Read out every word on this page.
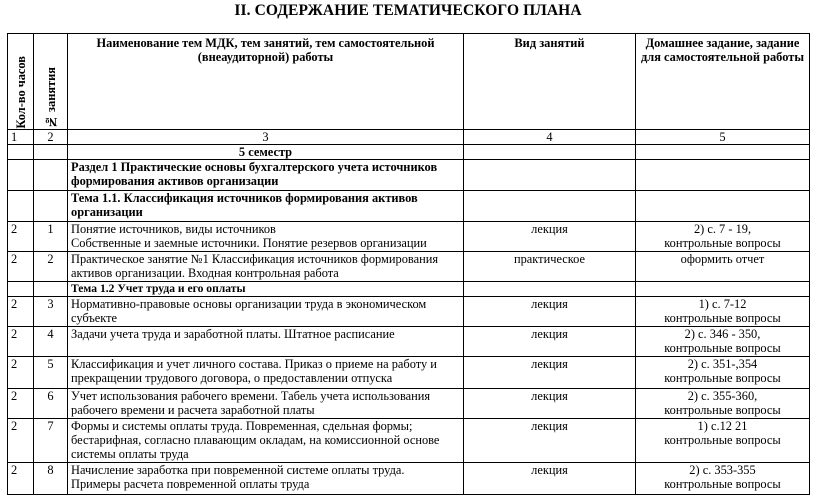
II. СОДЕРЖАНИЕ ТЕМАТИЧЕСКОГО ПЛАНА
Кол-во часов	№ занятия	Наименование тем МДК, тем занятий, тем самостоятельной (внеаудиторной) работы	Вид занятий	Домашнее задание, задание для самостоятельной работы
1	2	3	4	5
		5 семестр		
		Раздел 1 Практические основы бухгалтерского учета источников формирования активов организации		
		Тема 1.1. Классификация источников формирования активов организации		
2	1	Понятие источников, виды источников
Собственные и заемные источники. Понятие резервов организации	лекция	2) с. 7 - 19,
контрольные вопросы

2	2	Практическое занятие №1 Классификация источников формирования
активов организации. Входная контрольная работа	практическое	оформить отчет

		Тема 1.2 Учет труда и его оплаты		
2	3	Нормативно-правовые основы организации труда в экономическом
субъекте	лекция	1) с. 7-12
контрольные вопросы

2	4	Задачи учета труда и заработной платы. Штатное расписание	лекция	2) с. 346 - 350,
контрольные вопросы

2	5	Классификация и учет личного состава. Приказ о приеме на работу и
прекращении трудового договора, о предоставлении отпуска	лекция	2) с. 351-,354
контрольные вопросы

2	6	Учет использования рабочего времени. Табель учета использования
рабочего времени и расчета заработной платы	лекция	2) с. 355-360,
контрольные вопросы

2	7	Формы и системы оплаты труда. Повременная, сдельная формы;
бестарифная, согласно плавающим окладам, на комиссионной основе
системы оплаты труда	лекция	1) с.12 21
контрольные вопросы

2	8	Начисление заработка при повременной системе оплаты труда.
Примеры расчета повременной оплаты труда	лекция	2) с. 353-355
контрольные вопросы
